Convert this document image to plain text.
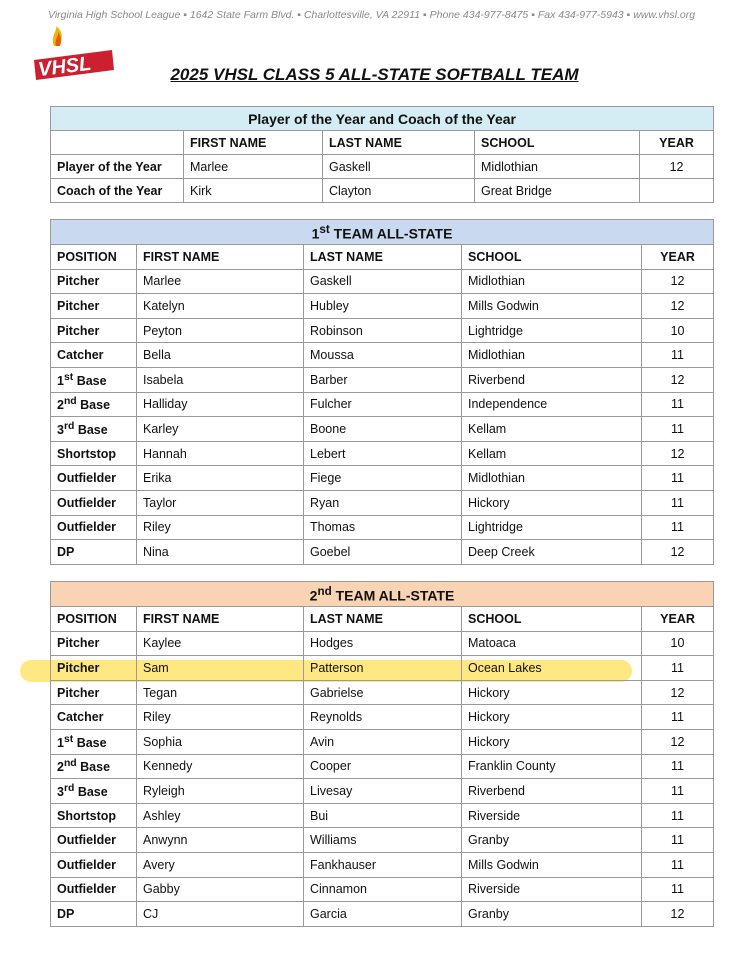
Virginia High School League ▪ 1642 State Farm Blvd. ▪ Charlottesville, VA 22911 ▪ Phone 434-977-8475 ▪ Fax 434-977-5943 ▪ www.vhsl.org
VHSL	2025 VHSL CLASS 5 ALL-STATE SOFTBALL TEAM
Player of the Year and Coach of the Year				
	FIRST NAME	LAST NAME	SCHOOL	YEAR
Player of the Year	Marlee	Gaskell	Midlothian	12
Coach of the Year	Kirk	Clayton	Great Bridge	
1st TEAM ALL-STATE				
POSITION	FIRST NAME	LAST NAME	SCHOOL	YEAR
Pitcher	Marlee	Gaskell	Midlothian	12
Pitcher	Katelyn	Hubley	Mills Godwin	12
Pitcher	Peyton	Robinson	Lightridge	10
Catcher	Bella	Moussa	Midlothian	11
1st Base	Isabela	Barber	Riverbend	12
2nd Base	Halliday	Fulcher	Independence	11
3rd Base	Karley	Boone	Kellam	11
Shortstop	Hannah	Lebert	Kellam	12
Outfielder	Erika	Fiege	Midlothian	11
Outfielder	Taylor	Ryan	Hickory	11
Outfielder	Riley	Thomas	Lightridge	11
DP	Nina	Goebel	Deep Creek	12
2nd TEAM ALL-STATE				
POSITION	FIRST NAME	LAST NAME	SCHOOL	YEAR
Pitcher	Kaylee	Hodges	Matoaca	10
Pitcher	Sam	Patterson	Ocean Lakes	11
Pitcher	Tegan	Gabrielse	Hickory	12
Catcher	Riley	Reynolds	Hickory	11
1st Base	Sophia	Avin	Hickory	12
2nd Base	Kennedy	Cooper	Franklin County	11
3rd Base	Ryleigh	Livesay	Riverbend	11
Shortstop	Ashley	Bui	Riverside	11
Outfielder	Anwynn	Williams	Granby	11
Outfielder	Avery	Fankhauser	Mills Godwin	11
Outfielder	Gabby	Cinnamon	Riverside	11
DP	CJ	Garcia	Granby	12
